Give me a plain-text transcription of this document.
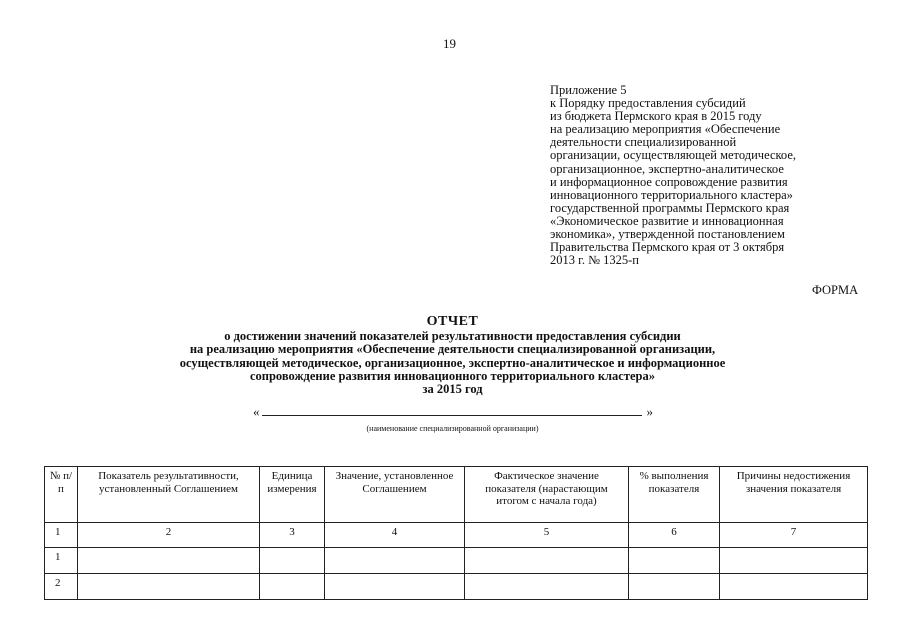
19
Приложение 5
к Порядку предоставления субсидий
из бюджета Пермского края в 2015 году
на реализацию мероприятия «Обеспечение
деятельности специализированной
организации, осуществляющей методическое,
организационное, экспертно-аналитическое
и информационное сопровождение развития
инновационного территориального кластера»
государственной программы Пермского края
«Экономическое развитие и инновационная
экономика», утвержденной постановлением
Правительства Пермского края от 3 октября
2013 г. № 1325-п
ФОРМА
ОТЧЕТ
о достижении значений показателей результативности предоставления субсидии
на реализацию мероприятия «Обеспечение деятельности специализированной организации,
осуществляющей методическое, организационное, экспертно-аналитическое и информационное
сопровождение развития инновационного территориального кластера»
за 2015 год
«	»
(наименование специализированной организации)
№ п/п	Показатель результативности, установленный Соглашением	Единица измерения	Значение, установленное Соглашением	Фактическое значение показателя (нарастающим итогом с начала года)	% выполнения показателя	Причины недостижения значения показателя
1	2	3	4	5	6	7
1						
2						
